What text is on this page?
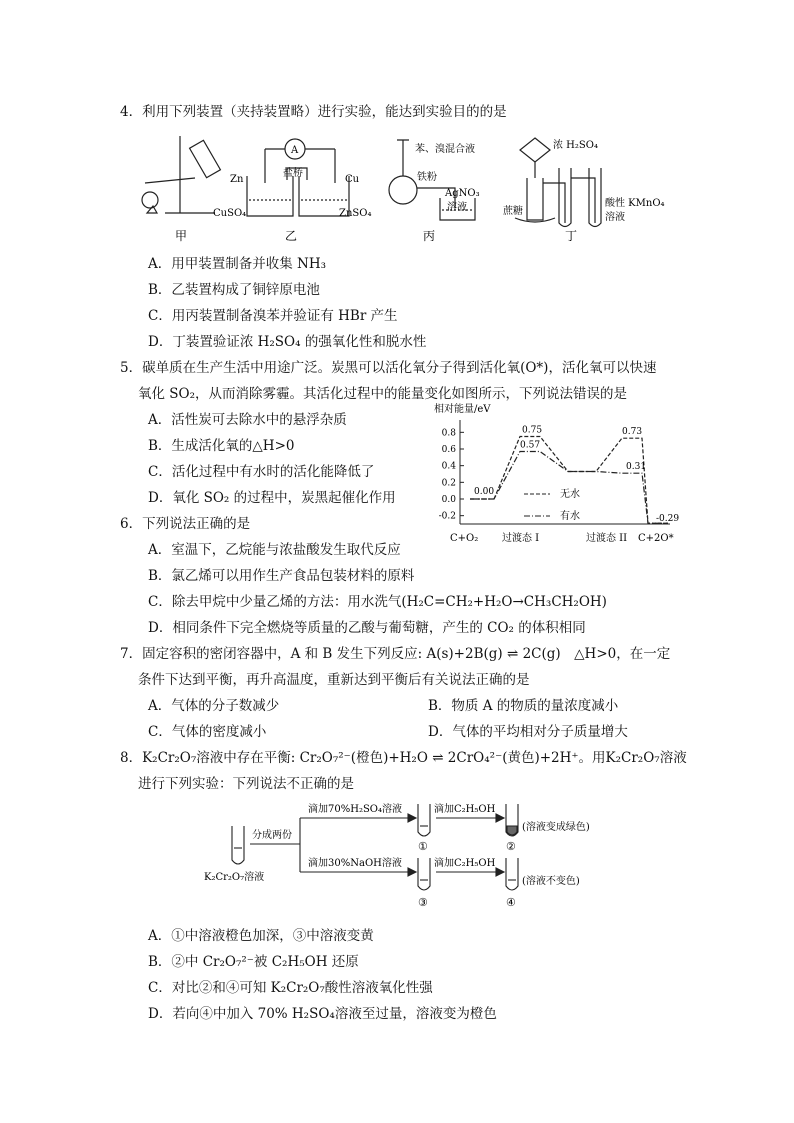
4．利用下列装置（夹持装置略）进行实验，能达到实验目的的是
甲	乙	丙	丁
A
盐桥
Zn	Cu
CuSO₄	ZnSO₄
苯、溴混合液
铁粉
AgNO₃
溶液
浓 H₂SO₄
蔗糖
酸性 KMnO₄
溶液
A．用甲装置制备并收集 NH₃
B．乙装置构成了铜锌原电池
C．用丙装置制备溴苯并验证有 HBr 产生
D．丁装置验证浓 H₂SO₄ 的强氧化性和脱水性
5．碳单质在生产生活中用途广泛。炭黑可以活化氧分子得到活化氧(O*)，活化氧可以快速
氧化 SO₂，从而消除雾霾。其活化过程中的能量变化如图所示，下列说法错误的是
A．活性炭可去除水中的悬浮杂质
B．生成活化氧的△H>0
C．活化过程中有水时的活化能降低了
D．氧化 SO₂ 的过程中，炭黑起催化作用
相对能量/eV
0.8
0.6
0.4
0.2
0.0
-0.2
0.00
0.75
0.57
0.73
0.31
-0.29
无水
有水
C+O₂ 过渡态 I	过渡态 II C+2O*
6．下列说法正确的是
A．室温下，乙烷能与浓盐酸发生取代反应
B．氯乙烯可以用作生产食品包装材料的原料
C．除去甲烷中少量乙烯的方法：用水洗气(H₂C=CH₂+H₂O→CH₃CH₂OH)
D．相同条件下完全燃烧等质量的乙酸与葡萄糖，产生的 CO₂ 的体积相同
7．固定容积的密闭容器中，A 和 B 发生下列反应: A(s)+2B(g) ⇌ 2C(g)　△H>0，在一定
条件下达到平衡，再升高温度，重新达到平衡后有关说法正确的是
A．气体的分子数减少	B．物质 A 的物质的量浓度减小
C．气体的密度减小	D．气体的平均相对分子质量增大
8．K₂Cr₂O₇溶液中存在平衡: Cr₂O₇²⁻(橙色)+H₂O ⇌ 2CrO₄²⁻(黄色)+2H⁺。用K₂Cr₂O₇溶液
进行下列实验：下列说法不正确的是
分成两份
K₂Cr₂O₇溶液
滴加70%H₂SO₄溶液
滴加30%NaOH溶液
滴加C₂H₅OH
滴加C₂H₅OH
(溶液变成绿色)
(溶液不变色)
①	②
③	④
A．①中溶液橙色加深，③中溶液变黄
B．②中 Cr₂O₇²⁻被 C₂H₅OH 还原
C．对比②和④可知 K₂Cr₂O₇酸性溶液氧化性强
D．若向④中加入 70% H₂SO₄溶液至过量，溶液变为橙色
